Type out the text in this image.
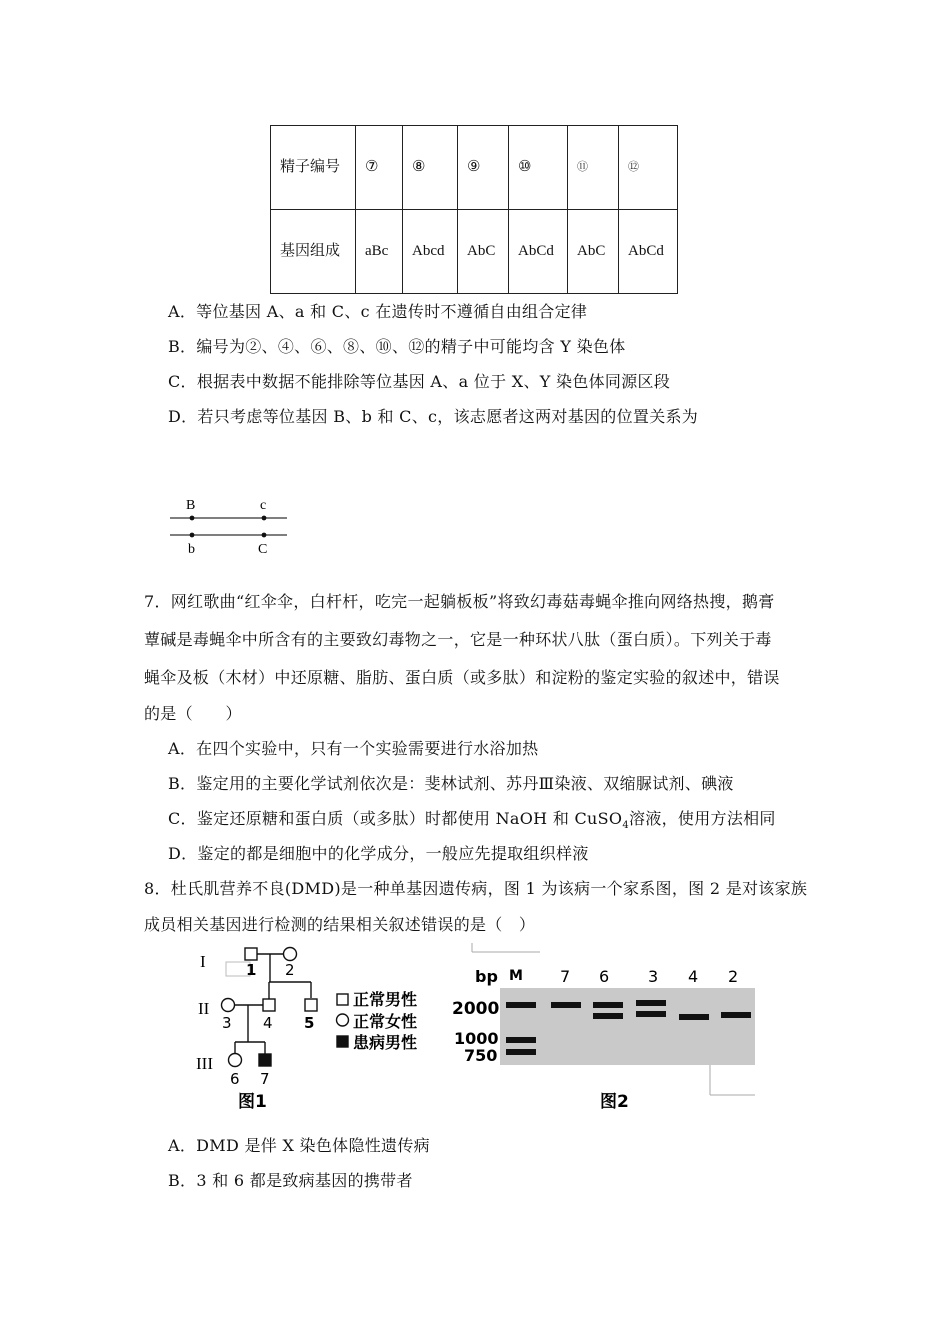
精子编号	⑦	⑧	⑨	⑩	⑪	⑫
基因组成	aBc	Abcd	AbC	AbCd	AbC	AbCd
A．等位基因 A、a 和 C、c 在遗传时不遵循自由组合定律
B．编号为②、④、⑥、⑧、⑩、⑫的精子中可能均含 Y 染色体
C．根据表中数据不能排除等位基因 A、a 位于 X、Y 染色体同源区段
D．若只考虑等位基因 B、b 和 C、c，该志愿者这两对基因的位置关系为
B	c
b	C
7．网红歌曲“红伞伞，白杆杆，吃完一起躺板板”将致幻毒菇毒蝇伞推向网络热搜，鹅膏
蕈碱是毒蝇伞中所含有的主要致幻毒物之一，它是一种环状八肽（蛋白质）。下列关于毒
蝇伞及板（木材）中还原糖、脂肪、蛋白质（或多肽）和淀粉的鉴定实验的叙述中，错误
的是（　　）
A．在四个实验中，只有一个实验需要进行水浴加热
B．鉴定用的主要化学试剂依次是：斐林试剂、苏丹Ⅲ染液、双缩脲试剂、碘液
C．鉴定还原糖和蛋白质（或多肽）时都使用 NaOH 和 CuSO$_4$溶液，使用方法相同
D．鉴定的都是细胞中的化学成分，一般应先提取组织样液
8．杜氏肌营养不良(DMD)是一种单基因遗传病，图 1 为该病一个家系图，图 2 是对该家族
成员相关基因进行检测的结果相关叙述错误的是（　）
I
II
III
1 2
3 4 5
6 7
正常男性
正常女性
患病男性
图1
bp M 7 6 3 4 2
2000
1000
750
图2
A．DMD 是伴 X 染色体隐性遗传病
B．3 和 6 都是致病基因的携带者
